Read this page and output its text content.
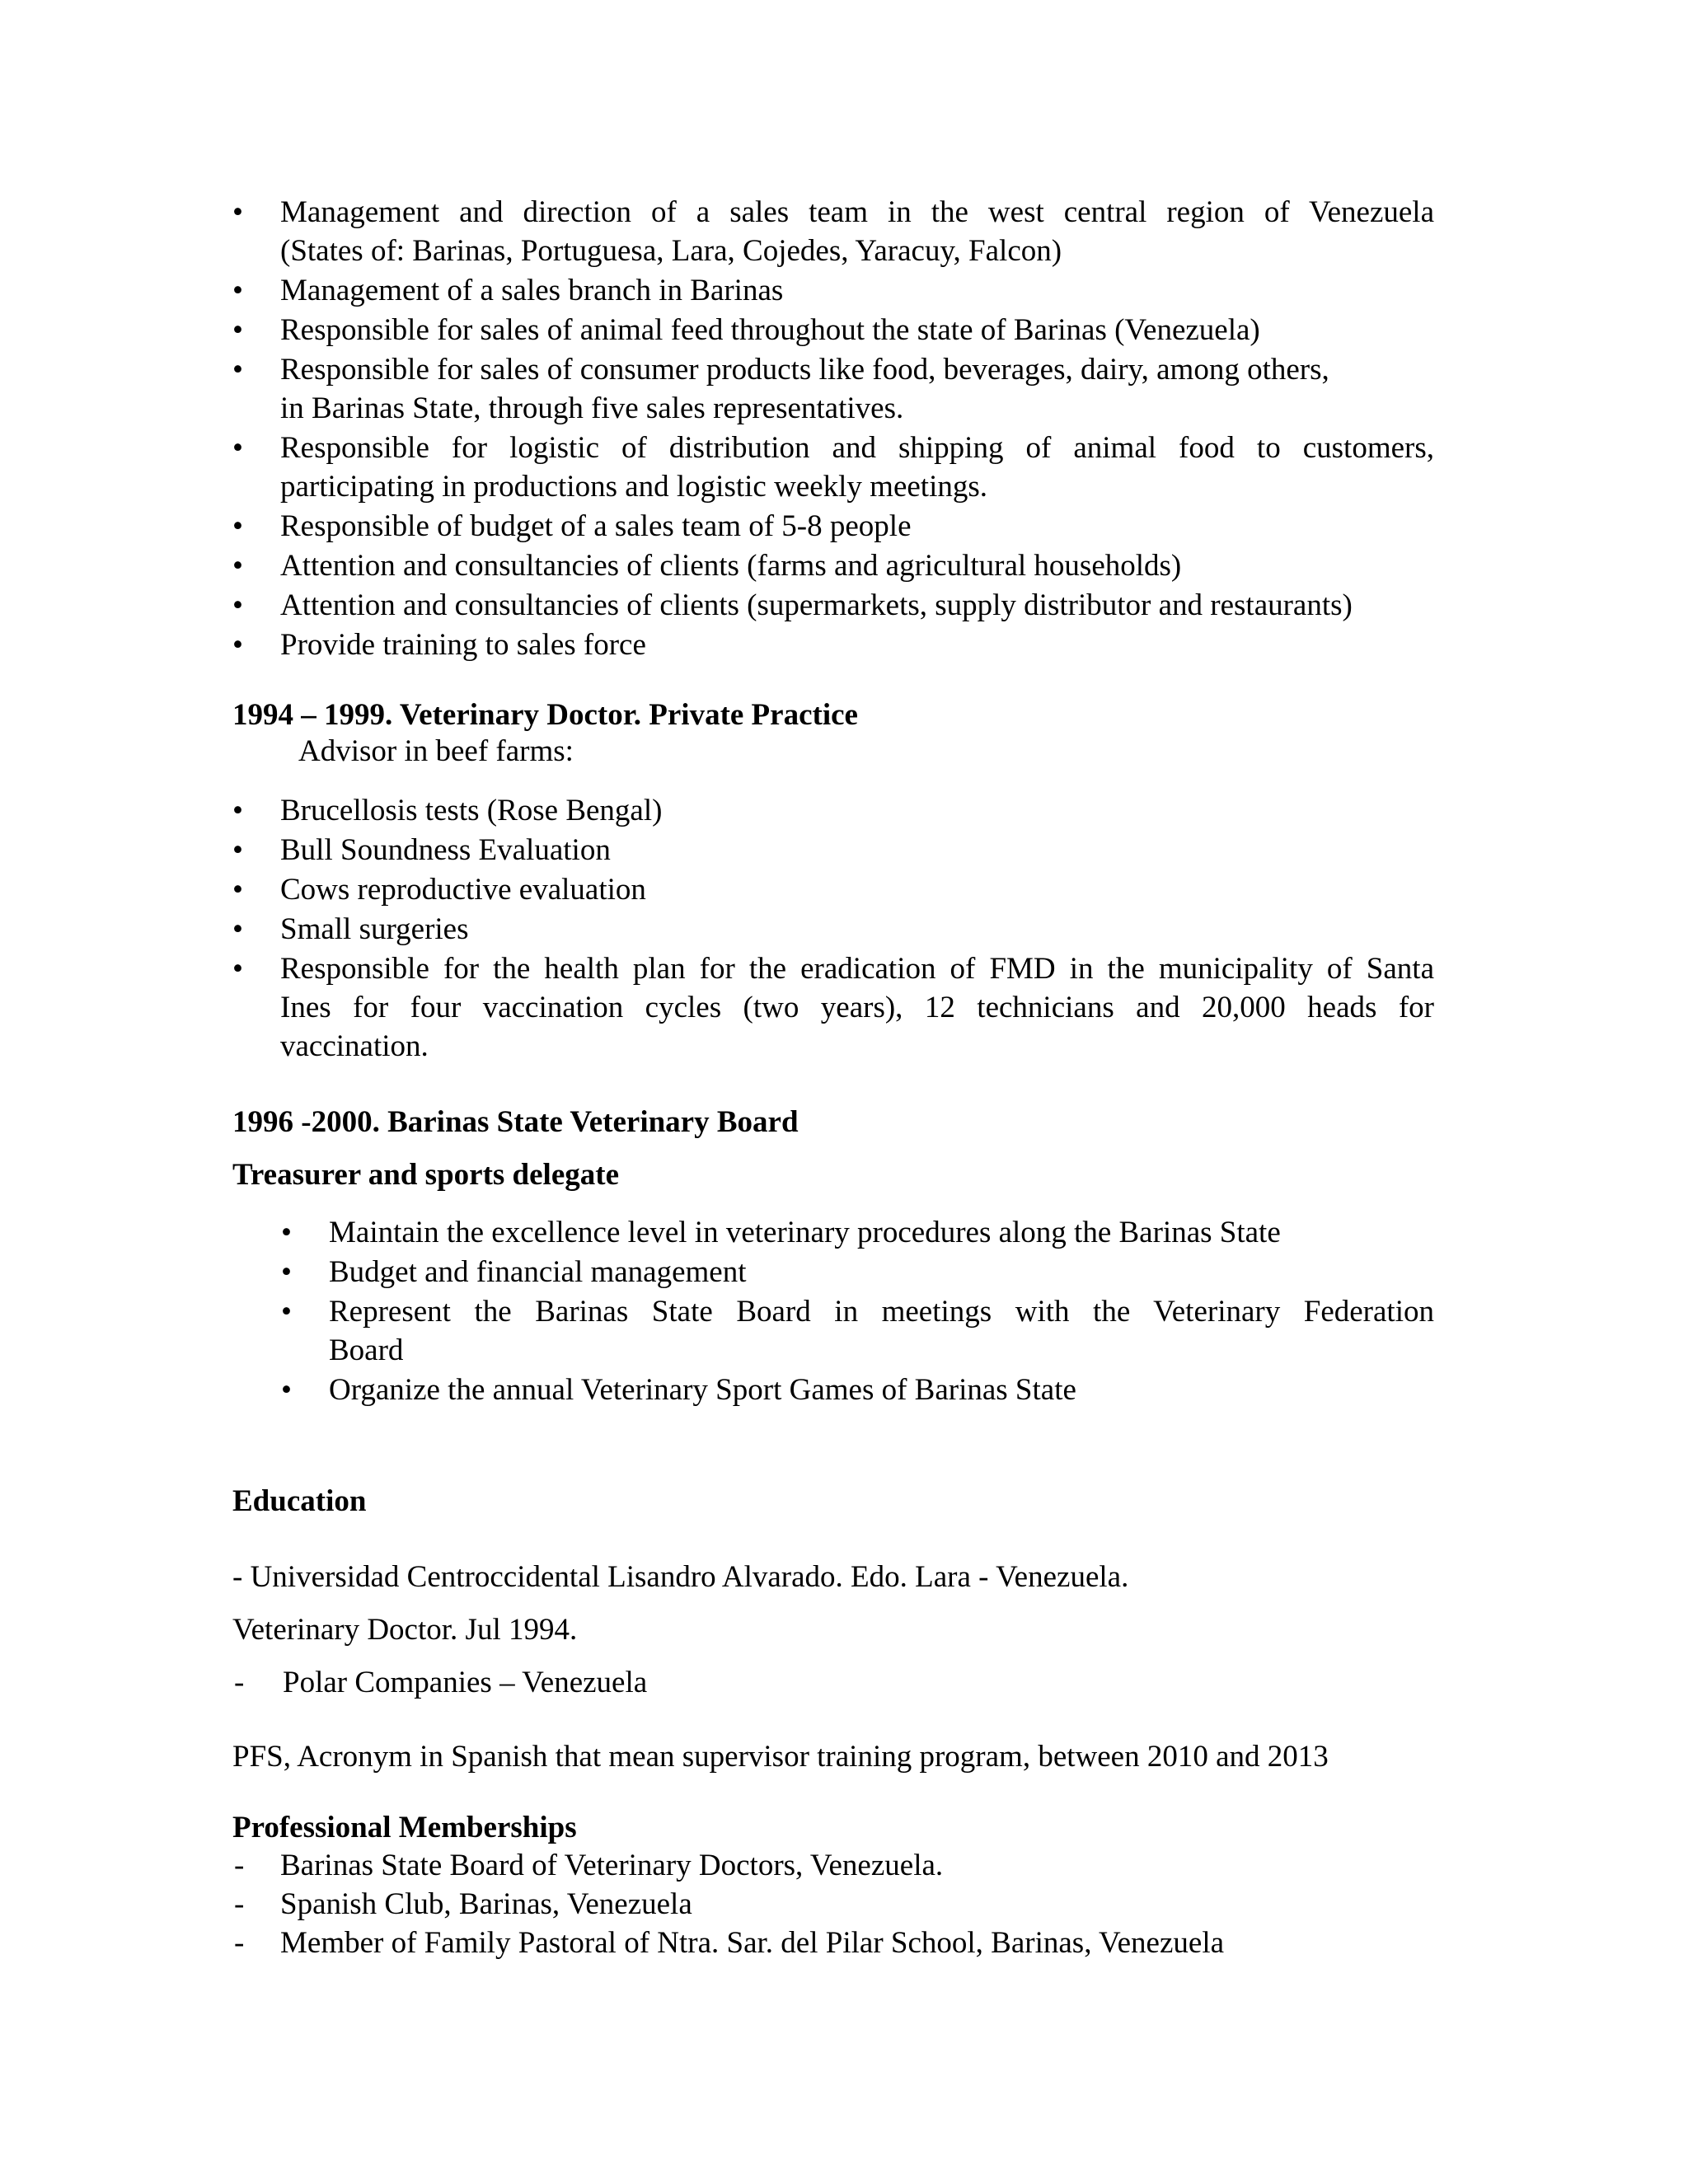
• Management and direction of a sales team in the west central region of Venezuela
(States of: Barinas, Portuguesa, Lara, Cojedes, Yaracuy, Falcon)
• Management of a sales branch in Barinas
• Responsible for sales of animal feed throughout the state of Barinas (Venezuela)
• Responsible for sales of consumer products like food, beverages, dairy, among others,
in Barinas State, through five sales representatives.
• Responsible for logistic of distribution and shipping of animal food to customers,
participating in productions and logistic weekly meetings.
• Responsible of budget of a sales team of 5-8 people
• Attention and consultancies of clients (farms and agricultural households)
• Attention and consultancies of clients (supermarkets, supply distributor and restaurants)
• Provide training to sales force
1994 – 1999. Veterinary Doctor. Private Practice
Advisor in beef farms:
• Brucellosis tests (Rose Bengal)
• Bull Soundness Evaluation
• Cows reproductive evaluation
• Small surgeries
• Responsible for the health plan for the eradication of FMD in the municipality of Santa
Ines for four vaccination cycles (two years), 12 technicians and 20,000 heads for
vaccination.
1996 -2000. Barinas State Veterinary Board
Treasurer and sports delegate
• Maintain the excellence level in veterinary procedures along the Barinas State
• Budget and financial management
• Represent the Barinas State Board in meetings with the Veterinary Federation
Board
• Organize the annual Veterinary Sport Games of Barinas State
Education
- Universidad Centroccidental Lisandro Alvarado. Edo. Lara - Venezuela.
Veterinary Doctor. Jul 1994.
- Polar Companies – Venezuela
PFS, Acronym in Spanish that mean supervisor training program, between 2010 and 2013
Professional Memberships
- Barinas State Board of Veterinary Doctors, Venezuela.
- Spanish Club, Barinas, Venezuela
- Member of Family Pastoral of Ntra. Sar. del Pilar School, Barinas, Venezuela
